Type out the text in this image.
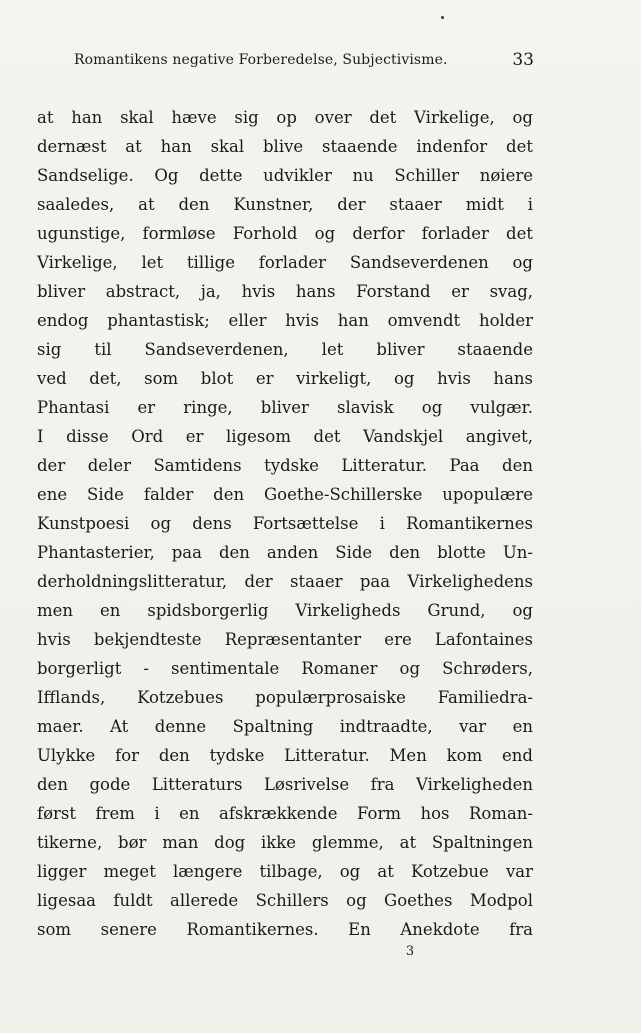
Romantikens negative Forberedelse, Subjectivisme.	33
at han skal hæve sig op over det Virkelige, og
dernæst at han skal blive staaende indenfor det
Sandselige. Og dette udvikler nu Schiller nøiere
saaledes, at den Kunstner, der staaer midt i
ugunstige, formløse Forhold og derfor forlader det
Virkelige, let tillige forlader Sandseverdenen og
bliver abstract, ja, hvis hans Forstand er svag,
endog phantastisk; eller hvis han omvendt holder
sig til Sandseverdenen, let bliver staaende
ved det, som blot er virkeligt, og hvis hans
Phantasi er ringe, bliver slavisk og vulgær.
I disse Ord er ligesom det Vandskjel angivet,
der deler Samtidens tydske Litteratur. Paa den
ene Side falder den Goethe-Schillerske upopulære
Kunstpoesi og dens Fortsættelse i Romantikernes
Phantasterier, paa den anden Side den blotte Un-
derholdningslitteratur, der staaer paa Virkelighedens
men en spidsborgerlig Virkeligheds Grund, og
hvis bekjendteste Repræsentanter ere Lafontaines
borgerligt - sentimentale Romaner og Schrøders,
Ifflands, Kotzebues populærprosaiske Familiedra-
maer. At denne Spaltning indtraadte, var en
Ulykke for den tydske Litteratur. Men kom end
den gode Litteraturs Løsrivelse fra Virkeligheden
først frem i en afskrækkende Form hos Roman-
tikerne, bør man dog ikke glemme, at Spaltningen
ligger meget længere tilbage, og at Kotzebue var
ligesaa fuldt allerede Schillers og Goethes Modpol
som senere Romantikernes. En Anekdote fra
3
